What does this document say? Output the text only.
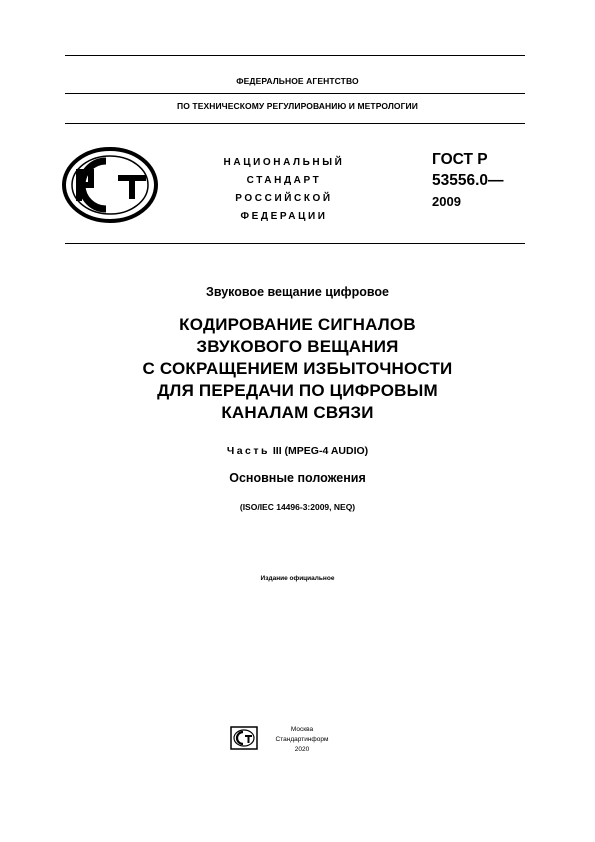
ФЕДЕРАЛЬНОЕ АГЕНТСТВО
ПО ТЕХНИЧЕСКОМУ РЕГУЛИРОВАНИЮ И МЕТРОЛОГИИ
НАЦИОНАЛЬНЫЙ
СТАНДАРТ
РОССИЙСКОЙ
ФЕДЕРАЦИИ
ГОСТ Р
53556.0—
2009
Звуковое вещание цифровое
КОДИРОВАНИЕ СИГНАЛОВ
ЗВУКОВОГО ВЕЩАНИЯ
С СОКРАЩЕНИЕМ ИЗБЫТОЧНОСТИ
ДЛЯ ПЕРЕДАЧИ ПО ЦИФРОВЫМ
КАНАЛАМ СВЯЗИ
Часть III (MPEG-4 AUDIO)
Основные положения
(ISO/IEC 14496-3:2009, NEQ)
Издание официальное
Москва
Стандартинформ
2020
